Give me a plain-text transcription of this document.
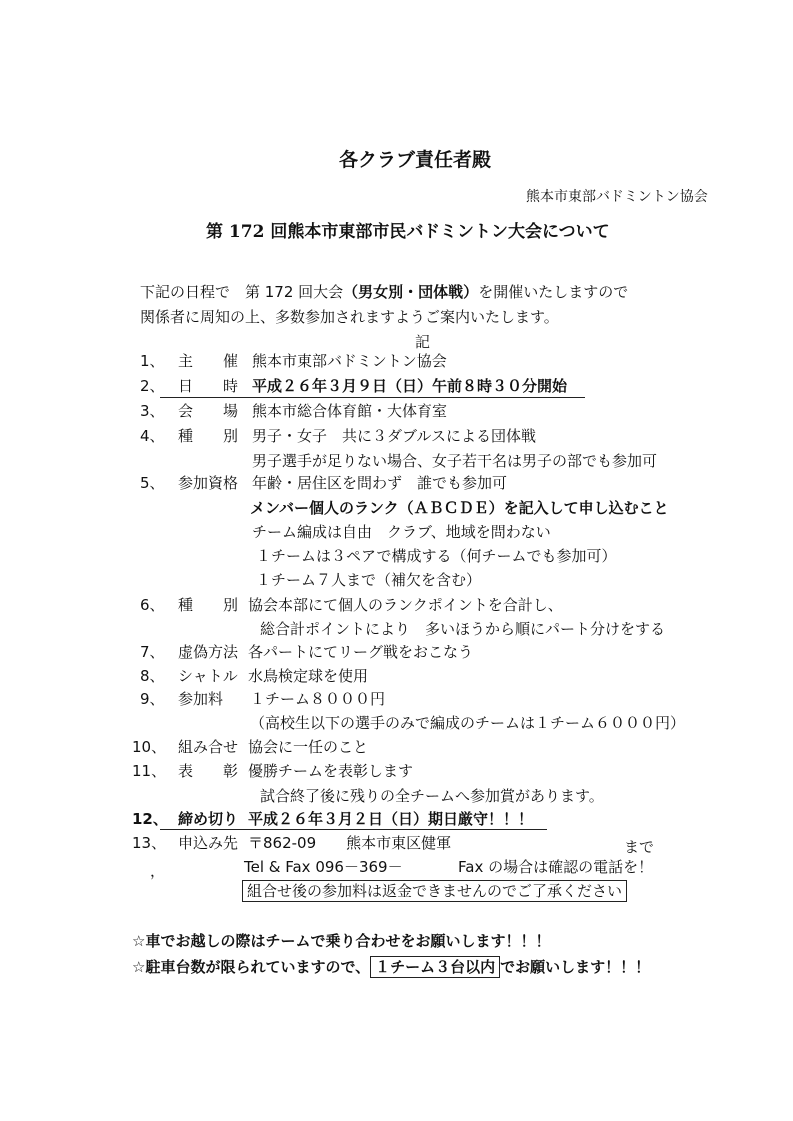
各クラブ責任者殿
熊本市東部バドミントン協会
第 172 回熊本市東部市民バドミントン大会について
下記の日程で　第 172 回大会（男女別・団体戦）を開催いたしますので
関係者に周知の上、多数参加されますようご案内いたします。
記
1、 主　　催 熊本市東部バドミントン協会
2、 日　　時 平成２６年３月９日（日）午前８時３０分開始
3、 会　　場 熊本市総合体育館・大体育室
4、 種　　別 男子・女子　共に３ダブルスによる団体戦
男子選手が足りない場合、女子若干名は男子の部でも参加可
5、 参加資格 年齢・居住区を問わず　誰でも参加可
メンバー個人のランク（ＡＢＣＤＥ）を記入して申し込むこと
チーム編成は自由　クラブ、地域を問わない
１チームは３ペアで構成する（何チームでも参加可）
１チーム７人まで（補欠を含む）
6、 種　　別 協会本部にて個人のランクポイントを合計し、
総合計ポイントにより　多いほうから順にパート分けをする
7、 虚偽方法 各パートにてリーグ戦をおこなう
8、 シャトル 水鳥検定球を使用
9、 参加料 １チーム８０００円
（高校生以下の選手のみで編成のチームは１チーム６０００円）
10、 組み合せ 協会に一任のこと
11、 表　　彰 優勝チームを表彰します
試合終了後に残りの全チームへ参加賞があります。
12、 締め切り 平成２６年３月２日（日）期日厳守！！！
13、 申込み先 〒862-09　　熊本市東区健軍	まで
，	Tel & Fax 096－369－	Fax の場合は確認の電話を！
組合せ後の参加料は返金できませんのでご了承ください
☆車でお越しの際はチームで乗り合わせをお願いします！！！
☆駐車台数が限られていますので、 １チーム３台以内 でお願いします！！！
